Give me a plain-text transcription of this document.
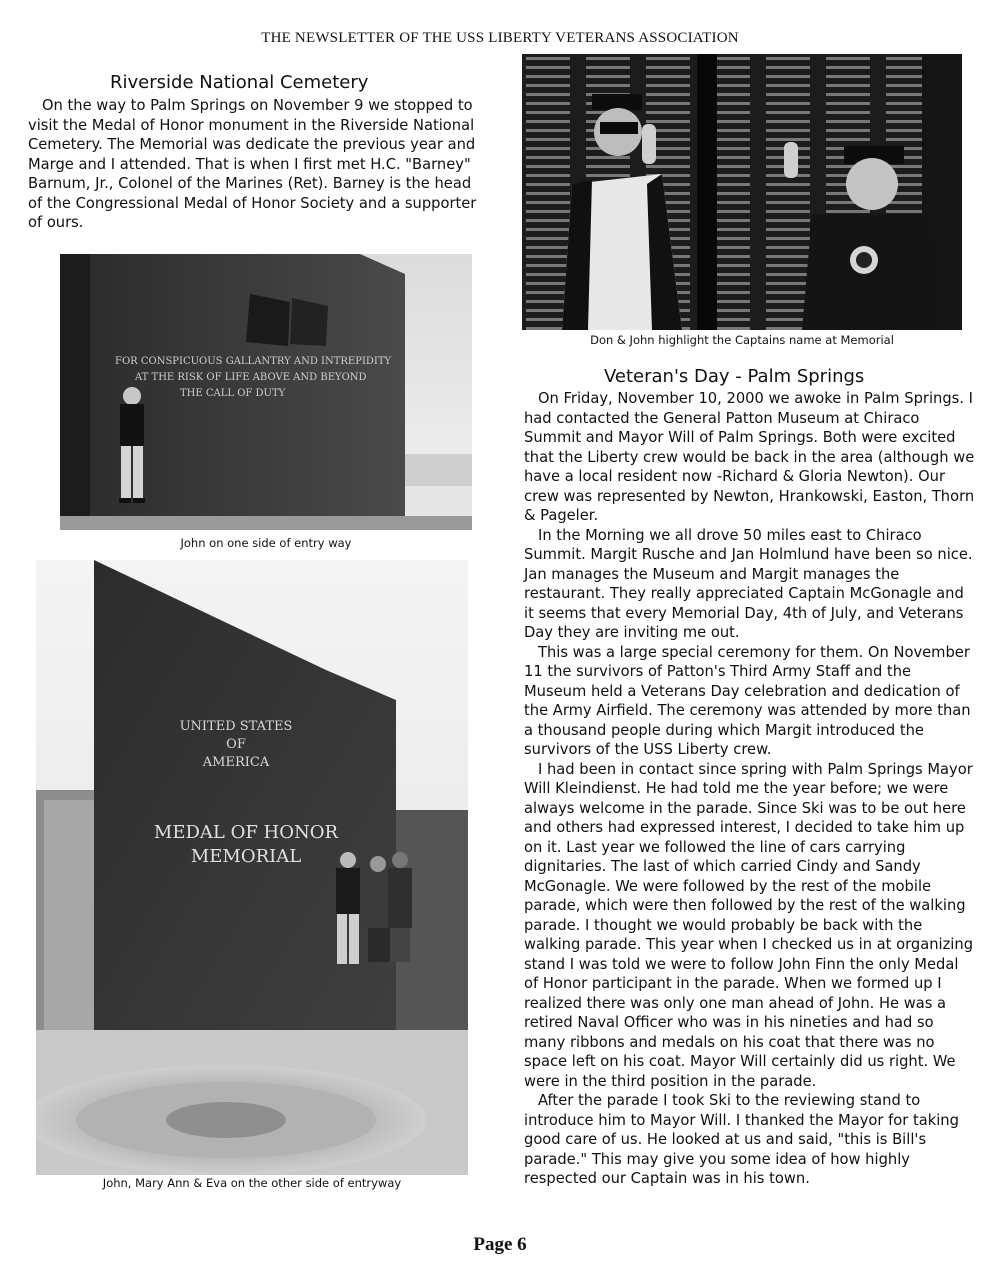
THE NEWSLETTER OF THE USS LIBERTY VETERANS ASSOCIATION
Riverside National Cemetery

On the way to Palm Springs on November 9 we stopped to visit the Medal of Honor monument in the Riverside National Cemetery. The Memorial was dedicate the previous year and Marge and I attended. That is when I first met H.C. "Barney" Barnum, Jr., Colonel of the Marines (Ret). Barney is the head of the Congressional Medal of Honor Society and a supporter of ours.

FOR CONSPICUOUS GALLANTRY AND INTREPIDITY
AT THE RISK OF LIFE ABOVE AND BEYOND
THE CALL OF DUTY
John on one side of entry way
UNITED STATES
OF
AMERICA
MEDAL OF HONOR
MEMORIAL
John, Mary Ann & Eva on the other side of entryway
Don & John highlight the Captains name at Memorial
Veteran's Day - Palm Springs

On Friday, November 10, 2000 we awoke in Palm Springs. I had contacted the General Patton Museum at Chiraco Summit and Mayor Will of Palm Springs. Both were excited that the Liberty crew would be back in the area (although we have a local resident now -Richard & Gloria Newton). Our crew was represented by Newton, Hrankowski, Easton, Thorn & Pageler.

In the Morning we all drove 50 miles east to Chiraco Summit. Margit Rusche and Jan Holmlund have been so nice. Jan manages the Museum and Margit manages the restaurant. They really appreciated Captain McGonagle and it seems that every Memorial Day, 4th of July, and Veterans Day they are inviting me out.

This was a large special ceremony for them. On November 11 the survivors of Patton's Third Army Staff and the Museum held a Veterans Day celebration and dedication of the Army Airfield. The ceremony was attended by more than a thousand people during which Margit introduced the survivors of the USS Liberty crew.

I had been in contact since spring with Palm Springs Mayor Will Kleindienst. He had told me the year before; we were always welcome in the parade. Since Ski was to be out here and others had expressed interest, I decided to take him up on it. Last year we followed the line of cars carrying dignitaries. The last of which carried Cindy and Sandy McGonagle. We were followed by the rest of the mobile parade, which were then followed by the rest of the walking parade. I thought we would probably be back with the walking parade. This year when I checked us in at organizing stand I was told we were to follow John Finn the only Medal of Honor participant in the parade. When we formed up I realized there was only one man ahead of John. He was a retired Naval Officer who was in his nineties and had so many ribbons and medals on his coat that there was no space left on his coat. Mayor Will certainly did us right. We were in the third position in the parade.

After the parade I took Ski to the reviewing stand to introduce him to Mayor Will. I thanked the Mayor for taking good care of us. He looked at us and said, "this is Bill's parade." This may give you some idea of how highly respected our Captain was in his town.

Page 6
